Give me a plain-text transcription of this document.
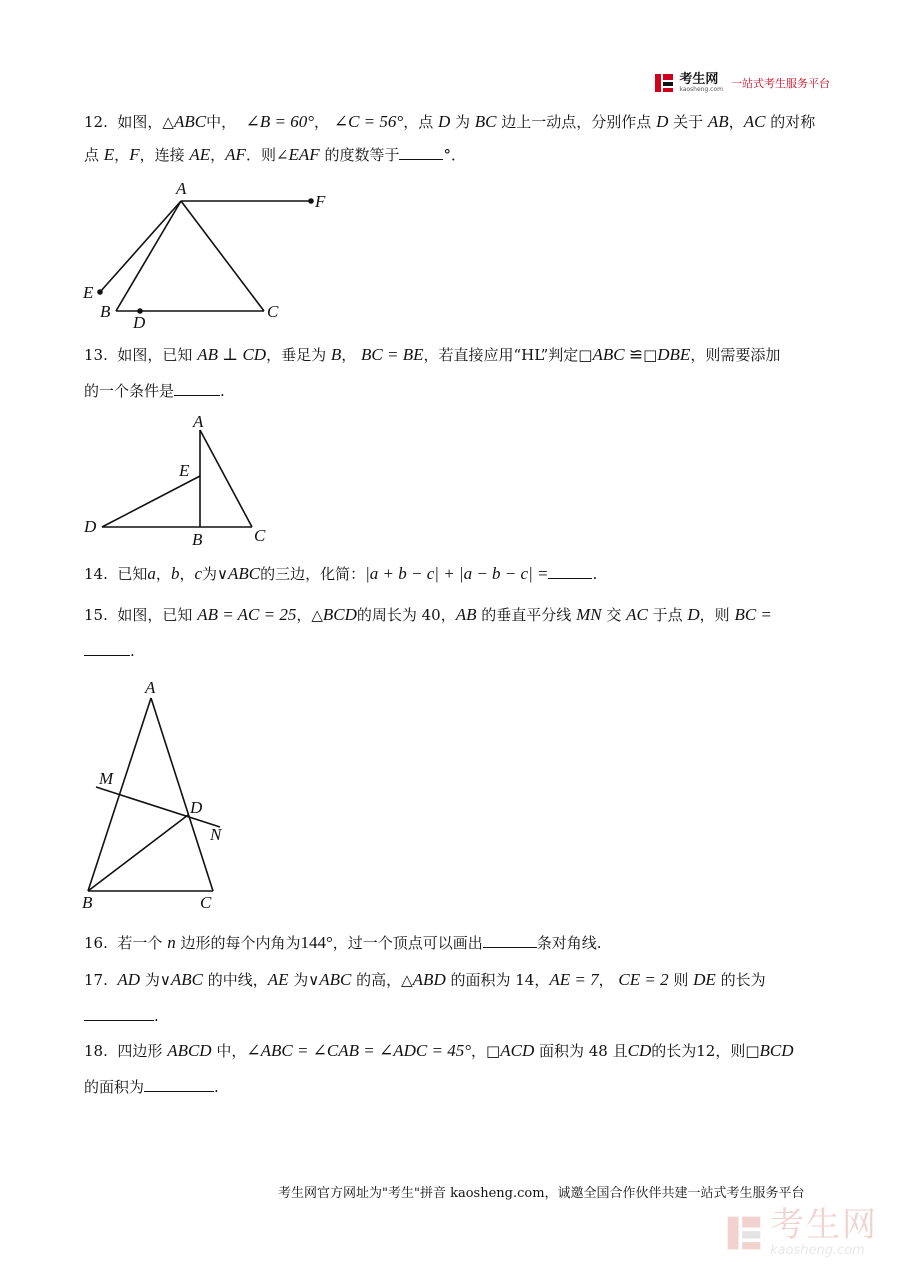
考生网
kaosheng.com 一站式考生服务平台
12. 如图，△ABC中， ∠B = 60°， ∠C = 56°，点 D 为 BC 边上一动点，分别作点 D 关于 AB，AC 的对称
点 E，F，连接 AE，AF．则∠EAF 的度数等于	°．
A
F
E
B
D
C
13. 如图，已知 AB ⊥ CD，垂足为 B， BC = BE，若直接应用“HL”判定□ABC ≌□DBE，则需要添加
的一个条件是	.
A
E
D
B	C
14. 已知a，b，c为∨ABC的三边，化简：|a + b − c| + |a − b − c| =	.
15. 如图，已知 AB = AC = 25，△BCD的周长为 40，AB 的垂直平分线 MN 交 AC 于点 D，则 BC =
.
A
M
D
N
B	C
16. 若一个 n 边形的每个内角为144°，过一个顶点可以画出	条对角线.
17. AD 为∨ABC 的中线，AE 为∨ABC 的高，△ABD 的面积为 14，AE = 7， CE = 2 则 DE 的长为
.
18. 四边形 ABCD 中，∠ABC = ∠CAB = ∠ADC = 45°，□ACD 面积为 48 且CD的长为12，则□BCD
的面积为	.
考生网官方网址为"考生"拼音 kaosheng.com，诚邀全国合作伙伴共建一站式考生服务平台
考生网
kaosheng.com
